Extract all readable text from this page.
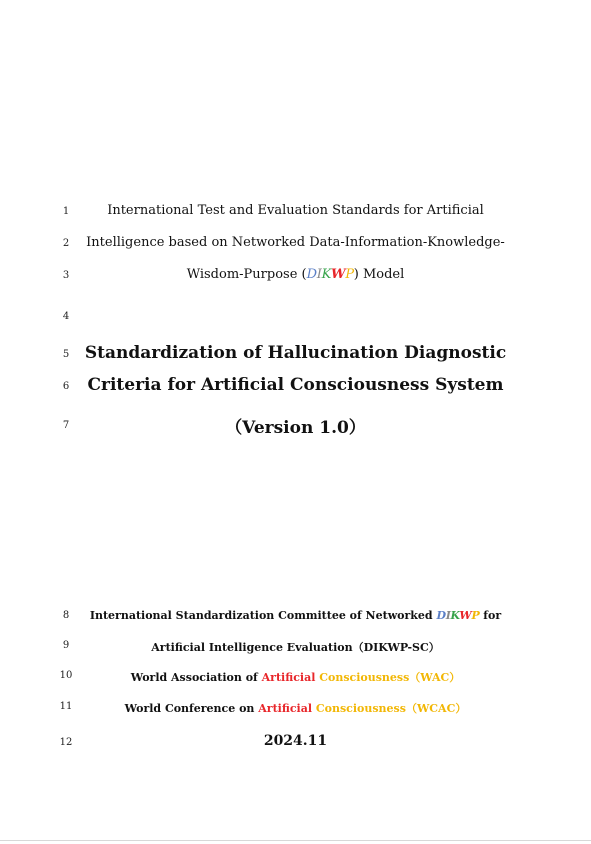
1	International Test and Evaluation Standards for Artificial
2	Intelligence based on Networked Data-Information-Knowledge-
3	Wisdom-Purpose (DIKWP) Model
4
5 Standardization of Hallucination Diagnostic
6	Criteria for Artificial Consciousness System
7	（Version 1.0）
8	International Standardization Committee of Networked DIKWP for
9	Artificial Intelligence Evaluation（DIKWP-SC）
10	World Association of Artificial Consciousness（WAC）
11	World Conference on Artificial Consciousness（WCAC）
12	2024.11
